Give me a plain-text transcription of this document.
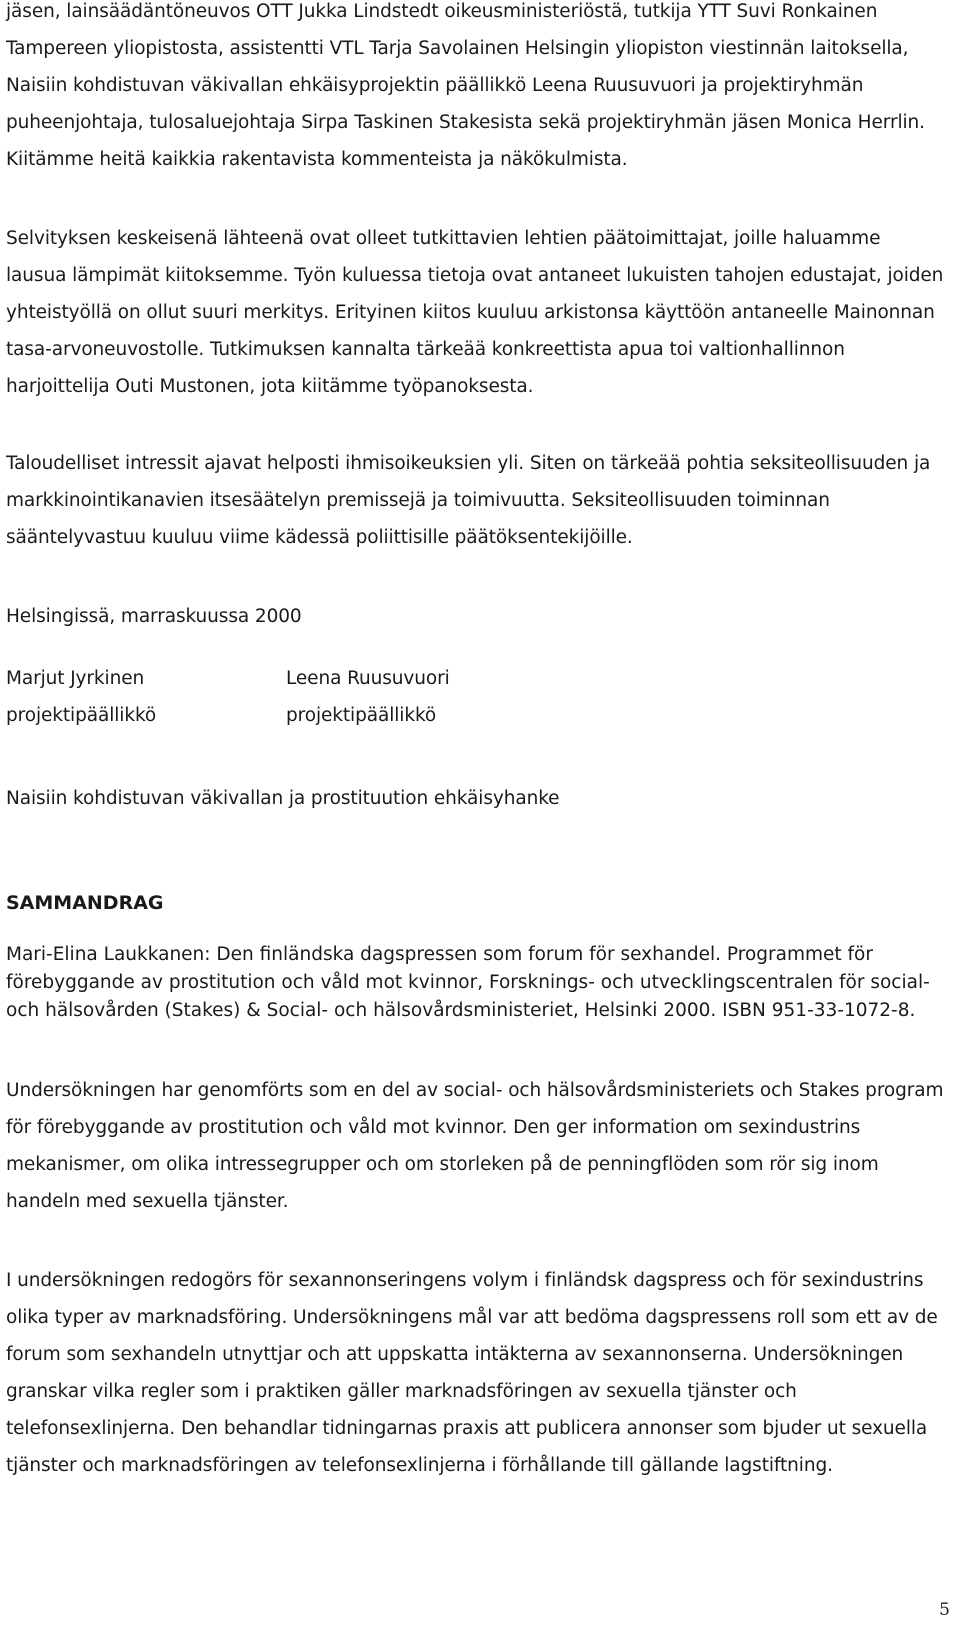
jäsen, lainsäädäntöneuvos OTT Jukka Lindstedt oikeusministeriöstä, tutkija YTT Suvi Ronkainen Tampereen yliopistosta, assistentti VTL Tarja Savolainen Helsingin yliopiston viestinnän laitoksella, Naisiin kohdistuvan väkivallan ehkäisyprojektin päällikkö Leena Ruusuvuori ja projektiryhmän puheenjohtaja, tulosaluejohtaja Sirpa Taskinen Stakesista sekä projektiryhmän jäsen Monica Herrlin. Kiitämme heitä kaikkia rakentavista kommenteista ja näkökulmista.

Selvityksen keskeisenä lähteenä ovat olleet tutkittavien lehtien päätoimittajat, joille haluamme lausua lämpimät kiitoksemme. Työn kuluessa tietoja ovat antaneet lukuisten tahojen edustajat, joiden yhteistyöllä on ollut suuri merkitys. Erityinen kiitos kuuluu arkistonsa käyttöön antaneelle Mainonnan tasa-arvoneuvostolle. Tutkimuksen kannalta tärkeää konkreettista apua toi valtionhallinnon harjoittelija Outi Mustonen, jota kiitämme työpanoksesta.

Taloudelliset intressit ajavat helposti ihmisoikeuksien yli. Siten on tärkeää pohtia seksiteollisuuden ja markkinointikanavien itsesäätelyn premissejä ja toimivuutta. Seksiteollisuuden toiminnan sääntelyvastuu kuuluu viime kädessä poliittisille päätöksentekijöille.

Helsingissä, marraskuussa 2000

Marjut Jyrkinen

projektipäällikkö

Leena Ruusuvuori

projektipäällikkö

Naisiin kohdistuvan väkivallan ja prostituution ehkäisyhanke

SAMMANDRAG

Mari-Elina Laukkanen: Den finländska dagspressen som forum för sexhandel. Programmet för förebyggande av prostitution och våld mot kvinnor, Forsknings- och utvecklingscentralen för social- och hälsovården (Stakes) & Social- och hälsovårdsministeriet, Helsinki 2000. ISBN 951-33-1072-8.

Undersökningen har genomförts som en del av social- och hälsovårdsministeriets och Stakes program för förebyggande av prostitution och våld mot kvinnor. Den ger information om sexindustrins mekanismer, om olika intressegrupper och om storleken på de penningflöden som rör sig inom handeln med sexuella tjänster.

I undersökningen redogörs för sexannonseringens volym i finländsk dagspress och för sexindustrins olika typer av marknadsföring. Undersökningens mål var att bedöma dagspressens roll som ett av de forum som sexhandeln utnyttjar och att uppskatta intäkterna av sexannonserna. Undersökningen granskar vilka regler som i praktiken gäller marknadsföringen av sexuella tjänster och telefonsexlinjerna. Den behandlar tidningarnas praxis att publicera annonser som bjuder ut sexuella tjänster och marknadsföringen av telefonsexlinjerna i förhållande till gällande lagstiftning.

5
